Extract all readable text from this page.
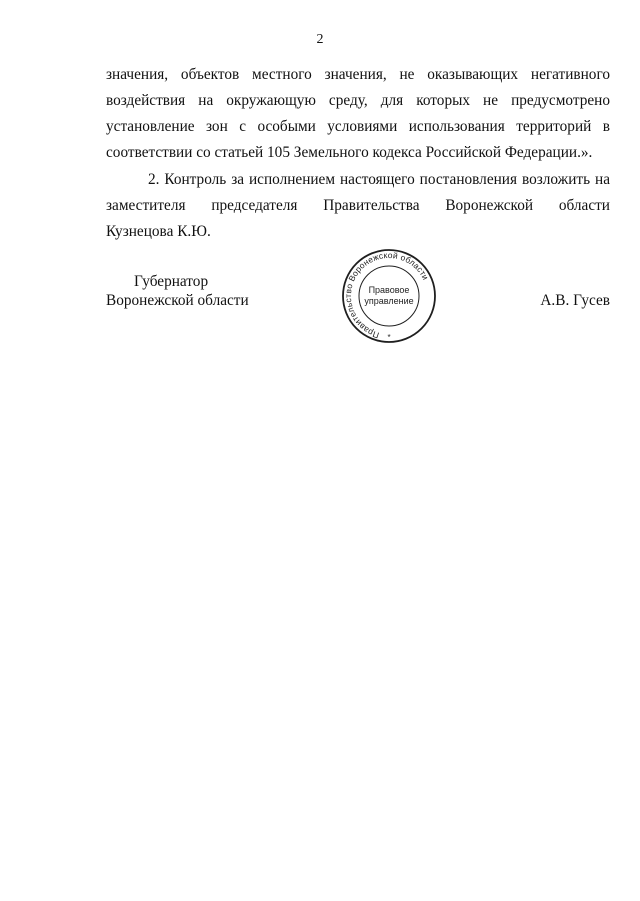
2
значения, объектов местного значения, не оказывающих негативного
воздействия на окружающую среду, для которых не предусмотрено
установление зон с особыми условиями использования территорий в
соответствии со статьей 105 Земельного кодекса Российской Федерации.».
2. Контроль за исполнением настоящего постановления возложить на
заместителя председателя Правительства Воронежской области
Кузнецова К.Ю.
Губернатор
Воронежской области	А.В. Гусев
Правительство Воронежской области
Правовое
управление
*
